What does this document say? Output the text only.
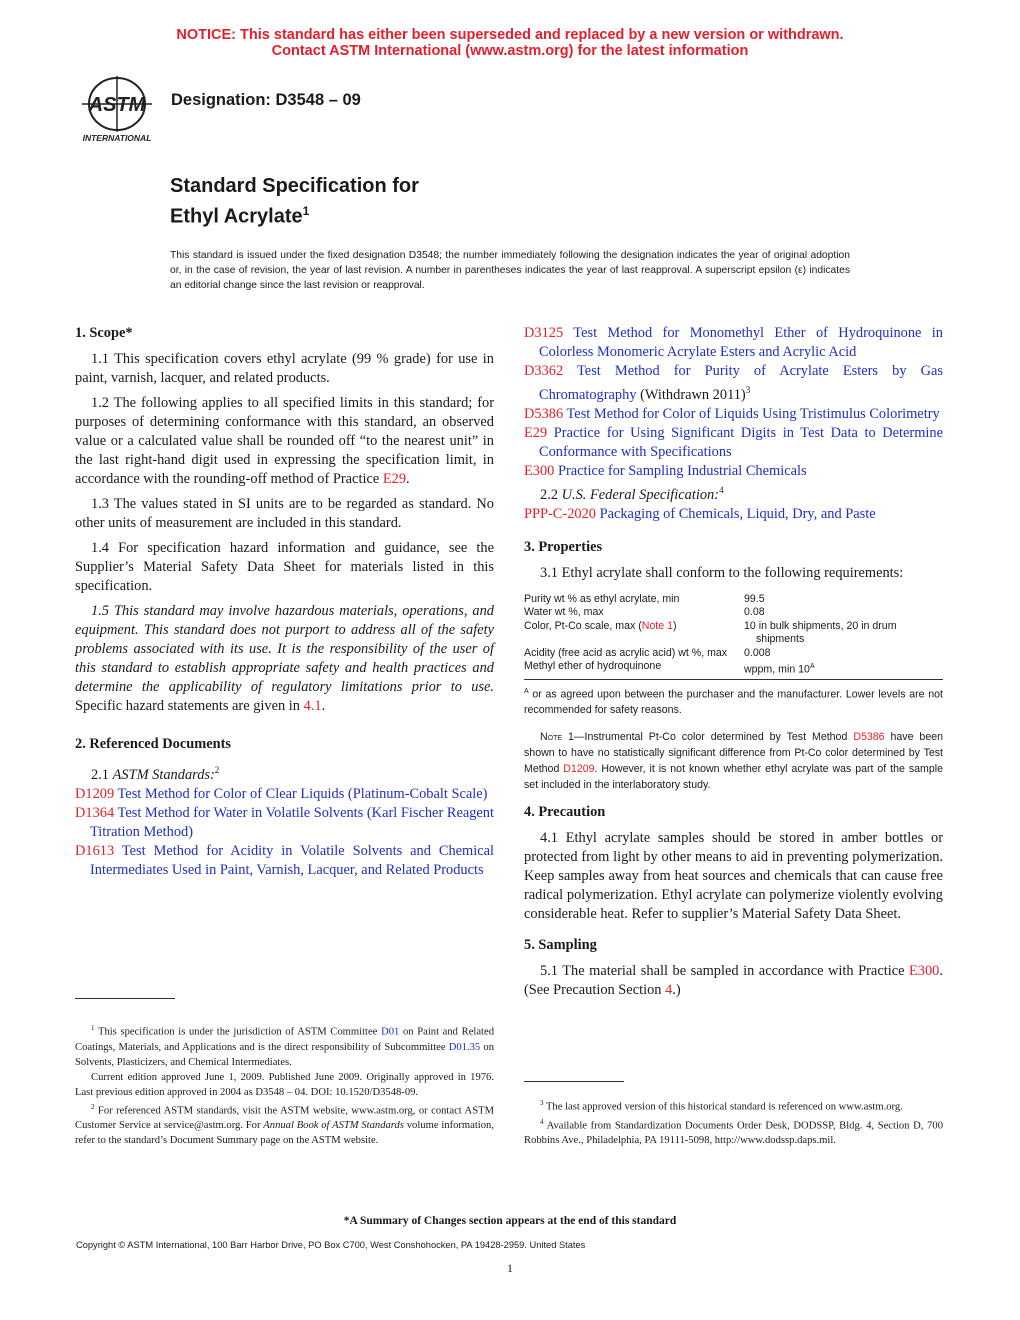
NOTICE: This standard has either been superseded and replaced by a new version or withdrawn.
Contact ASTM International (www.astm.org) for the latest information
ASTM
INTERNATIONAL
Designation: D3548 – 09
Standard Specification for
Ethyl Acrylate$^1$
This standard is issued under the fixed designation D3548; the number immediately following the designation indicates the year of original adoption or, in the case of revision, the year of last revision. A number in parentheses indicates the year of last reapproval. A superscript epsilon (ε) indicates an editorial change since the last revision or reapproval.
1. Scope*

1.1 This specification covers ethyl acrylate (99 % grade) for use in paint, varnish, lacquer, and related products.

1.2 The following applies to all specified limits in this standard; for purposes of determining conformance with this standard, an observed value or a calculated value shall be rounded off “to the nearest unit” in the last right-hand digit used in expressing the specification limit, in accordance with the rounding-off method of Practice E29.

1.3 The values stated in SI units are to be regarded as standard. No other units of measurement are included in this standard.

1.4 For specification hazard information and guidance, see the Supplier’s Material Safety Data Sheet for materials listed in this specification.

1.5 This standard may involve hazardous materials, operations, and equipment. This standard does not purport to address all of the safety problems associated with its use. It is the responsibility of the user of this standard to establish appropriate safety and health practices and determine the applicability of regulatory limitations prior to use. Specific hazard statements are given in 4.1.

2. Referenced Documents

2.1 ASTM Standards:$^2$

D1209 Test Method for Color of Clear Liquids (Platinum-Cobalt Scale)

D1364 Test Method for Water in Volatile Solvents (Karl Fischer Reagent Titration Method)

D1613 Test Method for Acidity in Volatile Solvents and Chemical Intermediates Used in Paint, Varnish, Lacquer, and Related Products

$^1$ This specification is under the jurisdiction of ASTM Committee D01 on Paint and Related Coatings, Materials, and Applications and is the direct responsibility of Subcommittee D01.35 on Solvents, Plasticizers, and Chemical Intermediates.

Current edition approved June 1, 2009. Published June 2009. Originally approved in 1976. Last previous edition approved in 2004 as D3548 – 04. DOI: 10.1520/D3548-09.

$^2$ For referenced ASTM standards, visit the ASTM website, www.astm.org, or contact ASTM Customer Service at service@astm.org. For Annual Book of ASTM Standards volume information, refer to the standard’s Document Summary page on the ASTM website.

D3125 Test Method for Monomethyl Ether of Hydroquinone in Colorless Monomeric Acrylate Esters and Acrylic Acid

D3362 Test Method for Purity of Acrylate Esters by Gas Chromatography (Withdrawn 2011)$^3$

D5386 Test Method for Color of Liquids Using Tristimulus Colorimetry

E29 Practice for Using Significant Digits in Test Data to Determine Conformance with Specifications

E300 Practice for Sampling Industrial Chemicals

2.2 U.S. Federal Specification:$^4$

PPP-C-2020 Packaging of Chemicals, Liquid, Dry, and Paste

3. Properties

3.1 Ethyl acrylate shall conform to the following requirements:

Purity wt % as ethyl acrylate, min	99.5
Water wt %, max	0.08
Color, Pt-Co scale, max (Note 1)	10 in bulk shipments, 20 in drum shipments
Acidity (free acid as acrylic acid) wt %, max	0.008
Methyl ether of hydroquinone	wppm, $\min 10^A$

$^A$ or as agreed upon between the purchaser and the manufacturer. Lower levels are not recommended for safety reasons.

Note 1—Instrumental Pt-Co color determined by Test Method D5386 have been shown to have no statistically significant difference from Pt-Co color determined by Test Method D1209. However, it is not known whether ethyl acrylate was part of the sample set included in the interlaboratory study.

4. Precaution

4.1 Ethyl acrylate samples should be stored in amber bottles or protected from light by other means to aid in preventing polymerization. Keep samples away from heat sources and chemicals that can cause free radical polymerization. Ethyl acrylate can polymerize violently evolving considerable heat. Refer to supplier’s Material Safety Data Sheet.

5. Sampling

5.1 The material shall be sampled in accordance with Practice E300. (See Precaution Section 4.)

$^3$ The last approved version of this historical standard is referenced on www.astm.org.

$^4$ Available from Standardization Documents Order Desk, DODSSP, Bldg. 4, Section D, 700 Robbins Ave., Philadelphia, PA 19111-5098, http://www.dodssp.daps.mil.

*A Summary of Changes section appears at the end of this standard
Copyright © ASTM International, 100 Barr Harbor Drive, PO Box C700, West Conshohocken, PA 19428-2959. United States
1
